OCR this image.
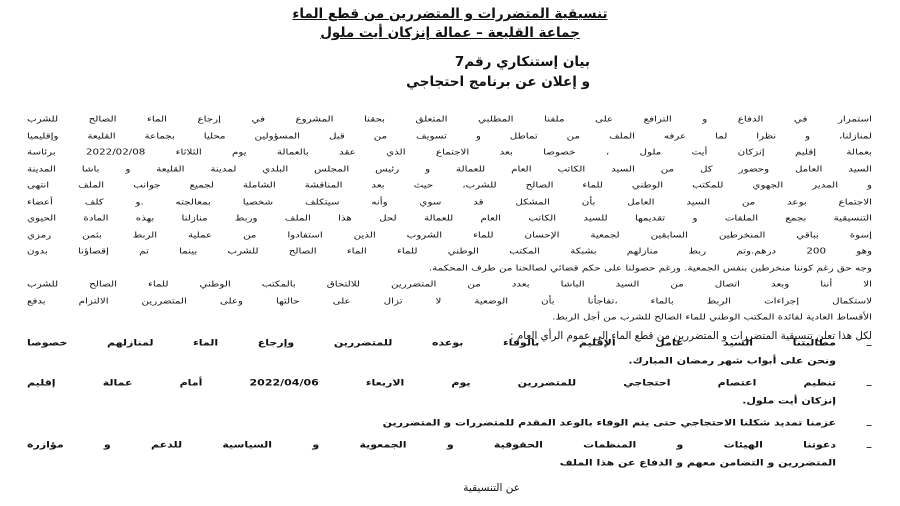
تنسيقية المتضررات و المتضررين من قطع الماء
جماعة القليعة – عمالة إنزكان أيت ملول
بيان إستنكاري رقم7
و إعلان عن برنامج احتجاجي
استمرار في الدفاع و الترافع على ملفنا المطلبي المتعلق بحقنا المشروع في إرجاع الماء الصالح للشرب
لمنازلنا، و نظرا لما عرفه الملف من تماطل و تسويف من قبل المسؤولين محليا بجماعة القليعة وإقليميا
بعمالة إقليم إنزكان أيت ملول ، خصوصا بعد الاجتماع الذي عقد بالعمالة يوم الثلاثاء 2022/02/08 برئاسة
السيد العامل وحضور كل من السيد الكاتب العام للعمالة و رئيس المجلس البلدي لمدينة القليعة و باشا المدينة
و المدير الجهوي للمكتب الوطني للماء الصالح للشرب، حيث بعد المناقشة الشاملة لجميع جوانب الملف انتهى
الاجتماع بوعد من السيد العامل بأن المشكل قد سوي وأنه سيتكلف شخصيا بمعالجته .و كلف أعضاء
التنسيقية بجمع الملفات و تقديمها للسيد الكاتب العام للعمالة لحل هذا الملف وربط منازلنا بهذه المادة الحيوي
إسوة بباقي المنخرطين السابقين لجمعية الإحسان للماء الشروب الذين استفادوا من عملية الربط بثمن رمزي
وهو 200 درهم.وتم ربط منازلهم بشبكة المكتب الوطني للماء الماء الصالح للشرب بينما تم إقصاؤنا بدون
وجه حق رغم كوننا منخرطين بنفس الجمعية. ورغم حصولنا على حكم قضائي لصالحنا من طرف المحكمة.
الا أننا وبعد اتصال من السيد الباشا بعدد من المتضررين للالتحاق بالمكتب الوطني للماء الصالح للشرب
لاستكمال إجراءات الربط بالماء ،تفاجأنا بأن الوضعية لا تزال على حالتها وعلى المتضررين الالتزام بدفع
الأقساط العادية لفائدة المكتب الوطني للماء الصالح للشرب من أجل الربط.
لكل هذا تعلن تنسيقية المتضررات و المتضررين من قطع الماء إلى عموم الرأي العام :
–
مطالبتنا السيد عامل الإقليم بالوفاء بوعده للمتضررين وإرجاع الماء لمنازلهم خصوصا
ونحن على أبواب شهر رمضان المبارك.
–
تنظيم اعتصام احتجاجي للمتضررين يوم الاربعاء 2022/04/06 أمام عمالة إقليم
إنزكان أيت ملول.
–
عزمنا تمديد شكلنا الاحتجاجي حتى يتم الوفاء بالوعد المقدم للمتضررات و المتضررين
–
دعوتنا الهيئات و المنظمات الحقوقية و الجمعوية و السياسية للدعم و مؤازرة
المتضررين و التضامن معهم و الدفاع عن هذا الملف
عن التنسيقية
